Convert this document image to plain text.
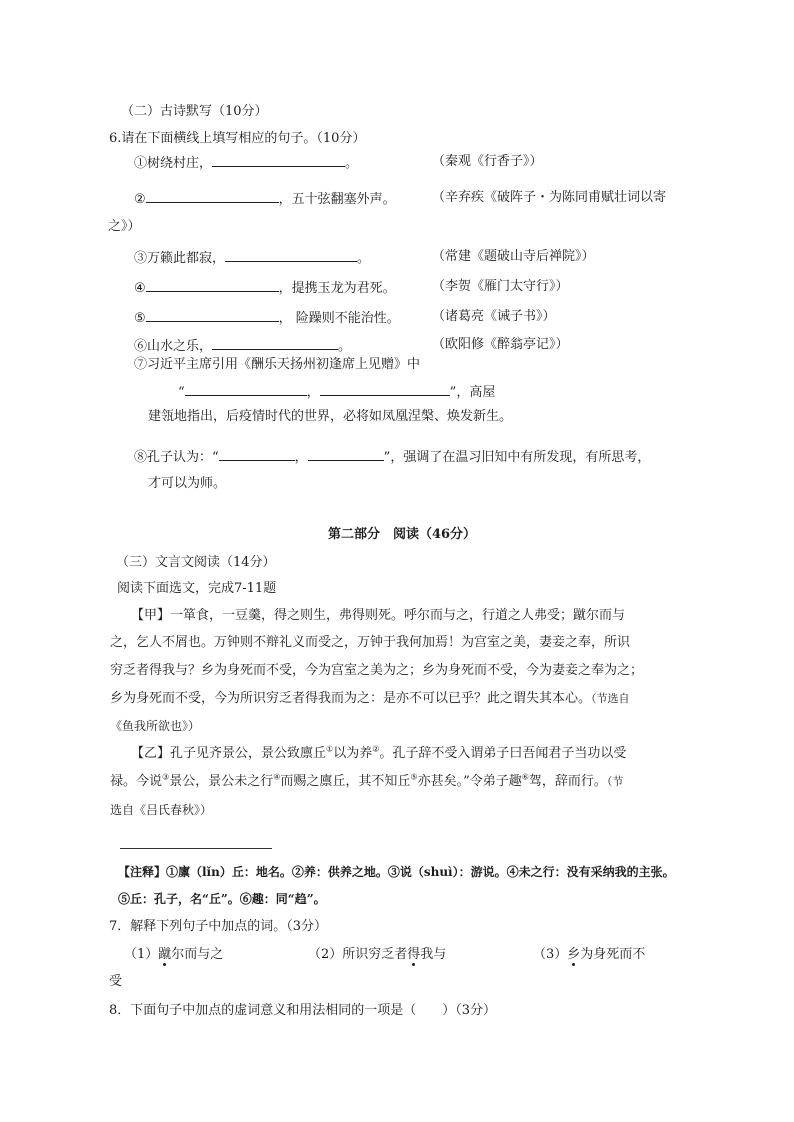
（二）古诗默写（10分）
6.请在下面横线上填写相应的句子。（10分）
①树绕村庄，	。	（秦观《行香子》）
②	，五十弦翻塞外声。	（辛弃疾《破阵子・为陈同甫赋壮词以寄
之》）
③万籁此都寂，	。	（常建《题破山寺后禅院》）
④	，提携玉龙为君死。	（李贺《雁门太守行》）
⑤	， 险躁则不能治性。 （诸葛亮《诫子书》）
⑥山水之乐，	。	（欧阳修《醉翁亭记》）
⑦习近平主席引用《酬乐天扬州初逢席上见赠》中
“	，	”，高屋
建瓴地指出，后疫情时代的世界，必将如凤凰涅槃、焕发新生。
⑧孔子认为：“	，	”，强调了在温习旧知中有所发现，有所思考，
才可以为师。
第二部分　阅读（46分）
（三）文言文阅读（14分）
阅读下面选文，完成7-11题
【甲】一箪食，一豆羹，得之则生，弗得则死。呼尔而与之，行道之人弗受；蹴尔而与
之，乞人不屑也。万钟则不辩礼义而受之，万钟于我何加焉！为宫室之美，妻妾之奉，所识
穷乏者得我与？乡为身死而不受，今为宫室之美为之；乡为身死而不受，今为妻妾之奉为之；
乡为身死而不受，今为所识穷乏者得我而为之：是亦不可以已乎？此之谓失其本心。（节选自
《鱼我所欲也》）
【乙】孔子见齐景公，景公致廪丘①以为养②。孔子辞不受入谓弟子曰吾闻君子当功以受
禄。今说③景公，景公未之行④而赐之廪丘，其不知丘⑤亦甚矣。”令弟子趣⑥驾，辞而行。（节
选自《吕氏春秋》）
【注释】①廪（lǐn）丘：地名。②养：供养之地。③说（shuì）：游说。④未之行：没有采纳我的主张。
⑤丘：孔子，名“丘”。⑥趣：同“趋”。
7．解释下列句子中加点的词。（3分）
（1）蹴尔而与之	（2）所识穷乏者得我与	（3）乡为身死而不
受
8．下面句子中加点的虚词意义和用法相同的一项是（　　）（3分）
